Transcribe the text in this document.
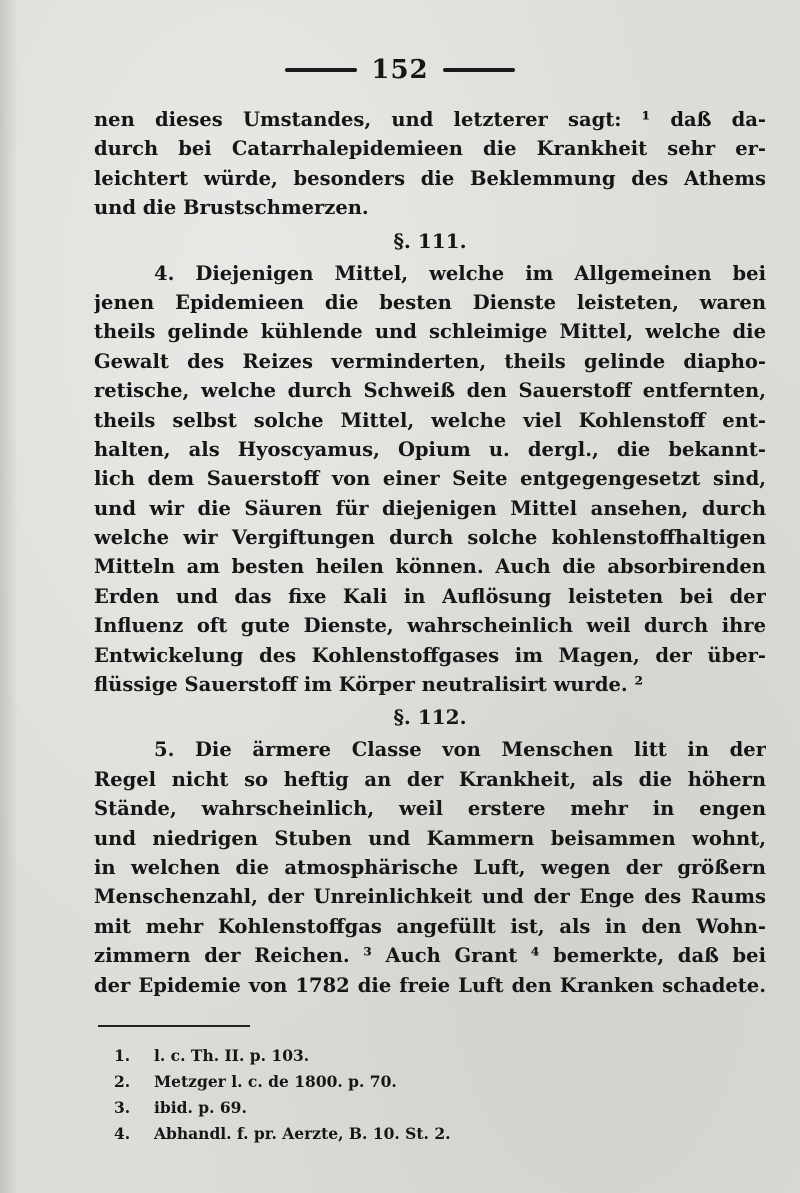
152
nen dieses Umstandes, und letzterer sagt: ¹ daß da-
durch bei Catarrhalepidemieen die Krankheit sehr er-
leichtert würde, besonders die Beklemmung des Athems
und die Brustschmerzen.
§. 111.
4. Diejenigen Mittel, welche im Allgemeinen bei
jenen Epidemieen die besten Dienste leisteten, waren
theils gelinde kühlende und schleimige Mittel, welche die
Gewalt des Reizes verminderten, theils gelinde diapho-
retische, welche durch Schweiß den Sauerstoff entfernten,
theils selbst solche Mittel, welche viel Kohlenstoff ent-
halten, als Hyoscyamus, Opium u. dergl., die bekannt-
lich dem Sauerstoff von einer Seite entgegengesetzt sind,
und wir die Säuren für diejenigen Mittel ansehen, durch
welche wir Vergiftungen durch solche kohlenstoffhaltigen
Mitteln am besten heilen können. Auch die absorbirenden
Erden und das fixe Kali in Auflösung leisteten bei der
Influenz oft gute Dienste, wahrscheinlich weil durch ihre
Entwickelung des Kohlenstoffgases im Magen, der über-
flüssige Sauerstoff im Körper neutralisirt wurde. ²
§. 112.
5. Die ärmere Classe von Menschen litt in der
Regel nicht so heftig an der Krankheit, als die höhern
Stände, wahrscheinlich, weil erstere mehr in engen
und niedrigen Stuben und Kammern beisammen wohnt,
in welchen die atmosphärische Luft, wegen der größern
Menschenzahl, der Unreinlichkeit und der Enge des Raums
mit mehr Kohlenstoffgas angefüllt ist, als in den Wohn-
zimmern der Reichen. ³ Auch Grant ⁴ bemerkte, daß bei
der Epidemie von 1782 die freie Luft den Kranken schadete.
1. l. c. Th. II. p. 103.
2. Metzger l. c. de 1800. p. 70.
3. ibid. p. 69.
4. Abhandl. f. pr. Aerzte, B. 10. St. 2.
